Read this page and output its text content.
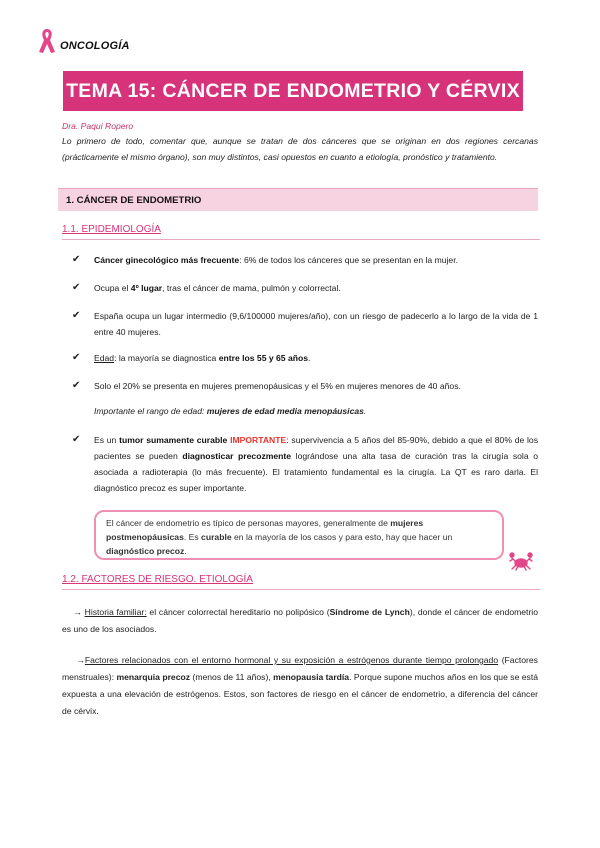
ONCOLOGÍA
TEMA 15: CÁNCER DE ENDOMETRIO Y CÉRVIX
Dra. Paqui Ropero
Lo primero de todo, comentar que, aunque se tratan de dos cánceres que se originan en dos regiones cercanas (prácticamente el mismo órgano), son muy distintos, casi opuestos en cuanto a etiología, pronóstico y tratamiento.
1. CÁNCER DE ENDOMETRIO
1.1. EPIDEMIOLOGÍA
✔	Cáncer ginecológico más frecuente: 6% de todos los cánceres que se presentan en la mujer.
✔	Ocupa el 4º lugar, tras el cáncer de mama, pulmón y colorrectal.
✔	España ocupa un lugar intermedio (9,6/100000 mujeres/año), con un riesgo de padecerlo a lo largo de la vida de 1 entre 40 mujeres.
✔	Edad: la mayoría se diagnostica entre los 55 y 65 años.
✔	Solo el 20% se presenta en mujeres premenopáusicas y el 5% en mujeres menores de 40 años.
Importante el rango de edad: mujeres de edad media menopáusicas.
✔	Es un tumor sumamente curable IMPORTANTE: supervivencia a 5 años del 85-90%, debido a que el 80% de los pacientes se pueden diagnosticar precozmente lográndose una alta tasa de curación tras la cirugía sola o asociada a radioterapia (lo más frecuente). El tratamiento fundamental es la cirugía. La QT es raro darla. El diagnóstico precoz es super importante.
El cáncer de endometrio es típico de personas mayores, generalmente de mujeres postmenopáusicas. Es curable en la mayoría de los casos y para esto, hay que hacer un diagnóstico precoz.
1.2. FACTORES DE RIESGO. ETIOLOGÍA
→ Historia familiar: el cáncer colorrectal hereditario no polipósico (Síndrome de Lynch), donde el cáncer de endometrio es uno de los asociados.
→Factores relacionados con el entorno hormonal y su exposición a estrógenos durante tiempo prolongado (Factores menstruales): menarquia precoz (menos de 11 años), menopausia tardía. Porque supone muchos años en los que se está expuesta a una elevación de estrógenos. Estos, son factores de riesgo en el cáncer de endometrio, a diferencia del cáncer de cérvix.
